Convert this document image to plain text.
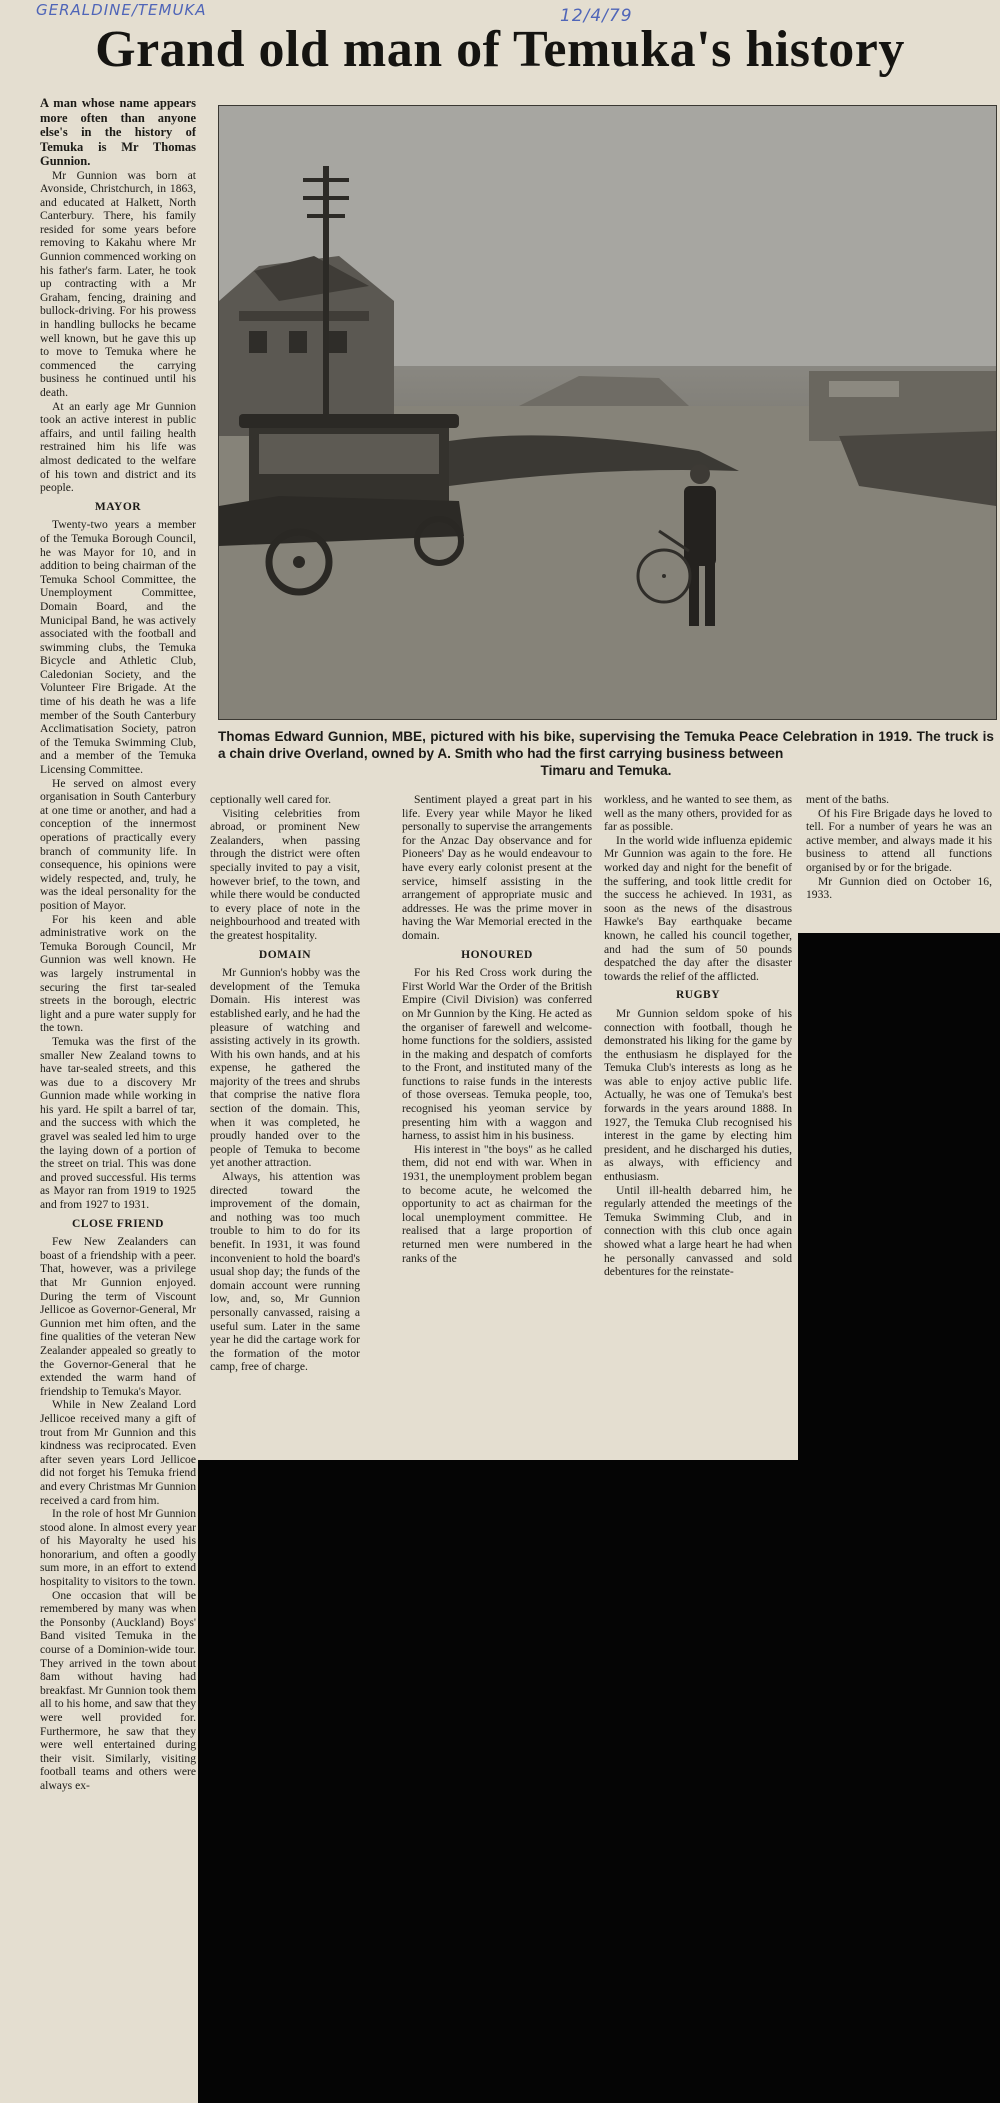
GERALDINE/TEMUKA	12/4/79
Grand old man of Temuka's history
Thomas Edward Gunnion, MBE, pictured with his bike, supervising the Temuka Peace Celebration in 1919. The truck is a chain drive Overland, owned by A. Smith who had the first carrying business between
Timaru and Temuka.

A man whose name appears more often than anyone else's in the history of Temuka is Mr Thomas Gunnion.

Mr Gunnion was born at Avonside, Christchurch, in 1863, and educated at Halkett, North Canterbury. There, his family resided for some years before removing to Kakahu where Mr Gunnion commenced working on his father's farm. Later, he took up contracting with a Mr Graham, fencing, draining and bullock-driving. For his prowess in handling bullocks he became well known, but he gave this up to move to Temuka where he commenced the carrying business he continued until his death.

At an early age Mr Gunnion took an active interest in public affairs, and until failing health restrained him his life was almost dedicated to the welfare of his town and district and its people.

MAYOR

Twenty-two years a member of the Temuka Borough Council, he was Mayor for 10, and in addition to being chairman of the Temuka School Committee, the Unemployment Committee, Domain Board, and the Municipal Band, he was actively associated with the football and swimming clubs, the Temuka Bicycle and Athletic Club, Caledonian Society, and the Volunteer Fire Brigade. At the time of his death he was a life member of the South Canterbury Acclimatisation Society, patron of the Temuka Swimming Club, and a member of the Temuka Licensing Committee.

He served on almost every organisation in South Canterbury at one time or another, and had a conception of the innermost operations of practically every branch of community life. In consequence, his opinions were widely respected, and, truly, he was the ideal personality for the position of Mayor.

For his keen and able administrative work on the Temuka Borough Council, Mr Gunnion was well known. He was largely instrumental in securing the first tar-sealed streets in the borough, electric light and a pure water supply for the town.

Temuka was the first of the smaller New Zealand towns to have tar-sealed streets, and this was due to a discovery Mr Gunnion made while working in his yard. He spilt a barrel of tar, and the success with which the gravel was sealed led him to urge the laying down of a portion of the street on trial. This was done and proved successful. His terms as Mayor ran from 1919 to 1925 and from 1927 to 1931.

CLOSE FRIEND

Few New Zealanders can boast of a friendship with a peer. That, however, was a privilege that Mr Gunnion enjoyed. During the term of Viscount Jellicoe as Governor-General, Mr Gunnion met him often, and the fine qualities of the veteran New Zealander appealed so greatly to the Governor-General that he extended the warm hand of friendship to Temuka's Mayor.

While in New Zealand Lord Jellicoe received many a gift of trout from Mr Gunnion and this kindness was reciprocated. Even after seven years Lord Jellicoe did not forget his Temuka friend and every Christmas Mr Gunnion received a card from him.

In the role of host Mr Gunnion stood alone. In almost every year of his Mayoralty he used his honorarium, and often a goodly sum more, in an effort to extend hospitality to visitors to the town.

One occasion that will be remembered by many was when the Ponsonby (Auckland) Boys' Band visited Temuka in the course of a Dominion-wide tour. They arrived in the town about 8am without having had breakfast. Mr Gunnion took them all to his home, and saw that they were well provided for. Furthermore, he saw that they were well entertained during their visit. Similarly, visiting football teams and others were always ex-

ceptionally well cared for.

Visiting celebrities from abroad, or prominent New Zealanders, when passing through the district were often specially invited to pay a visit, however brief, to the town, and while there would be conducted to every place of note in the neighbourhood and treated with the greatest hospitality.

DOMAIN

Mr Gunnion's hobby was the development of the Temuka Domain. His interest was established early, and he had the pleasure of watching and assisting actively in its growth. With his own hands, and at his expense, he gathered the majority of the trees and shrubs that comprise the native flora section of the domain. This, when it was completed, he proudly handed over to the people of Temuka to become yet another attraction.

Always, his attention was directed toward the improvement of the domain, and nothing was too much trouble to him to do for its benefit. In 1931, it was found inconvenient to hold the board's usual shop day; the funds of the domain account were running low, and, so, Mr Gunnion personally canvassed, raising a useful sum. Later in the same year he did the cartage work for the formation of the motor camp, free of charge.

Sentiment played a great part in his life. Every year while Mayor he liked personally to supervise the arrangements for the Anzac Day observance and for Pioneers' Day as he would endeavour to have every early colonist present at the service, himself assisting in the arrangement of appropriate music and addresses. He was the prime mover in having the War Memorial erected in the domain.

HONOURED

For his Red Cross work during the First World War the Order of the British Empire (Civil Division) was conferred on Mr Gunnion by the King. He acted as the organiser of farewell and welcome-home functions for the soldiers, assisted in the making and despatch of comforts to the Front, and instituted many of the functions to raise funds in the interests of those overseas. Temuka people, too, recognised his yeoman service by presenting him with a waggon and harness, to assist him in his business.

His interest in "the boys" as he called them, did not end with war. When in 1931, the unemployment problem began to become acute, he welcomed the opportunity to act as chairman for the local unemployment committee. He realised that a large proportion of returned men were numbered in the ranks of the

workless, and he wanted to see them, as well as the many others, provided for as far as possible.

In the world wide influenza epidemic Mr Gunnion was again to the fore. He worked day and night for the benefit of the suffering, and took little credit for the success he achieved. In 1931, as soon as the news of the disastrous Hawke's Bay earthquake became known, he called his council together, and had the sum of 50 pounds despatched the day after the disaster towards the relief of the afflicted.

RUGBY

Mr Gunnion seldom spoke of his connection with football, though he demonstrated his liking for the game by the enthusiasm he displayed for the Temuka Club's interests as long as he was able to enjoy active public life. Actually, he was one of Temuka's best forwards in the years around 1888. In 1927, the Temuka Club recognised his interest in the game by electing him president, and he discharged his duties, as always, with efficiency and enthusiasm.

Until ill-health debarred him, he regularly attended the meetings of the Temuka Swimming Club, and in connection with this club once again showed what a large heart he had when he personally canvassed and sold debentures for the reinstate-

ment of the baths.

Of his Fire Brigade days he loved to tell. For a number of years he was an active member, and always made it his business to attend all functions organised by or for the brigade.

Mr Gunnion died on October 16, 1933.
